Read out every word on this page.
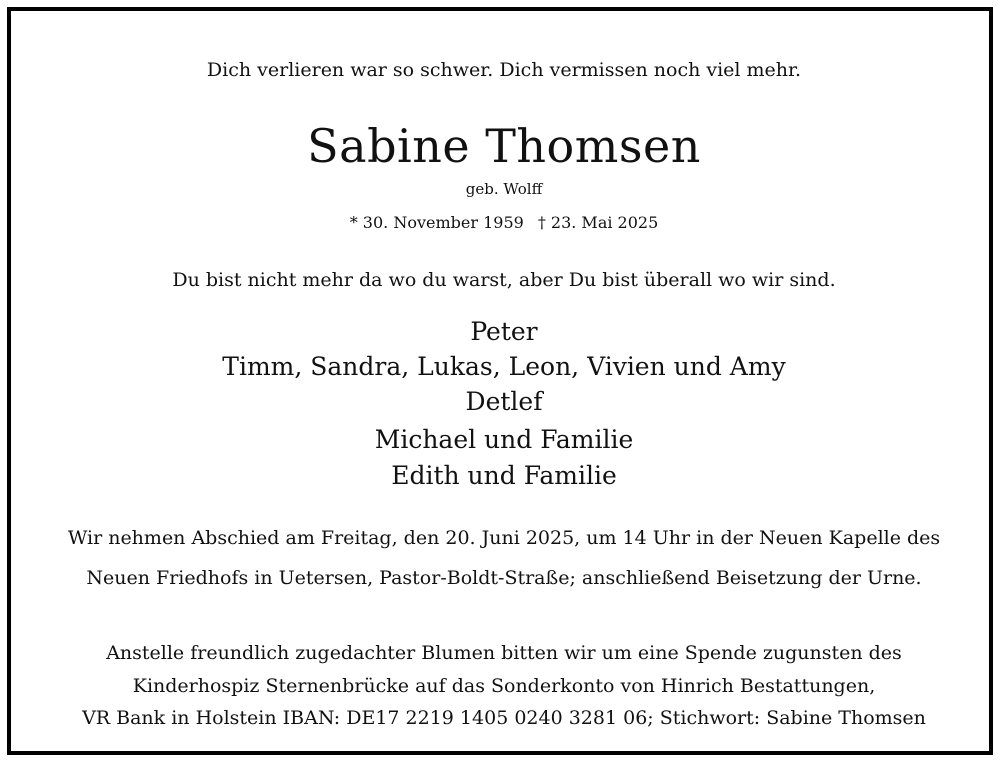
Dich verlieren war so schwer. Dich vermissen noch viel mehr.
Sabine Thomsen
geb. Wolff
* 30. November 1959 † 23. Mai 2025
Du bist nicht mehr da wo du warst, aber Du bist überall wo wir sind.
Peter
Timm, Sandra, Lukas, Leon, Vivien und Amy
Detlef
Michael und Familie
Edith und Familie
Wir nehmen Abschied am Freitag, den 20. Juni 2025, um 14 Uhr in der Neuen Kapelle des
Neuen Friedhofs in Uetersen, Pastor-Boldt-Straße; anschließend Beisetzung der Urne.
Anstelle freundlich zugedachter Blumen bitten wir um eine Spende zugunsten des
Kinderhospiz Sternenbrücke auf das Sonderkonto von Hinrich Bestattungen,
VR Bank in Holstein IBAN: DE17 2219 1405 0240 3281 06; Stichwort: Sabine Thomsen
